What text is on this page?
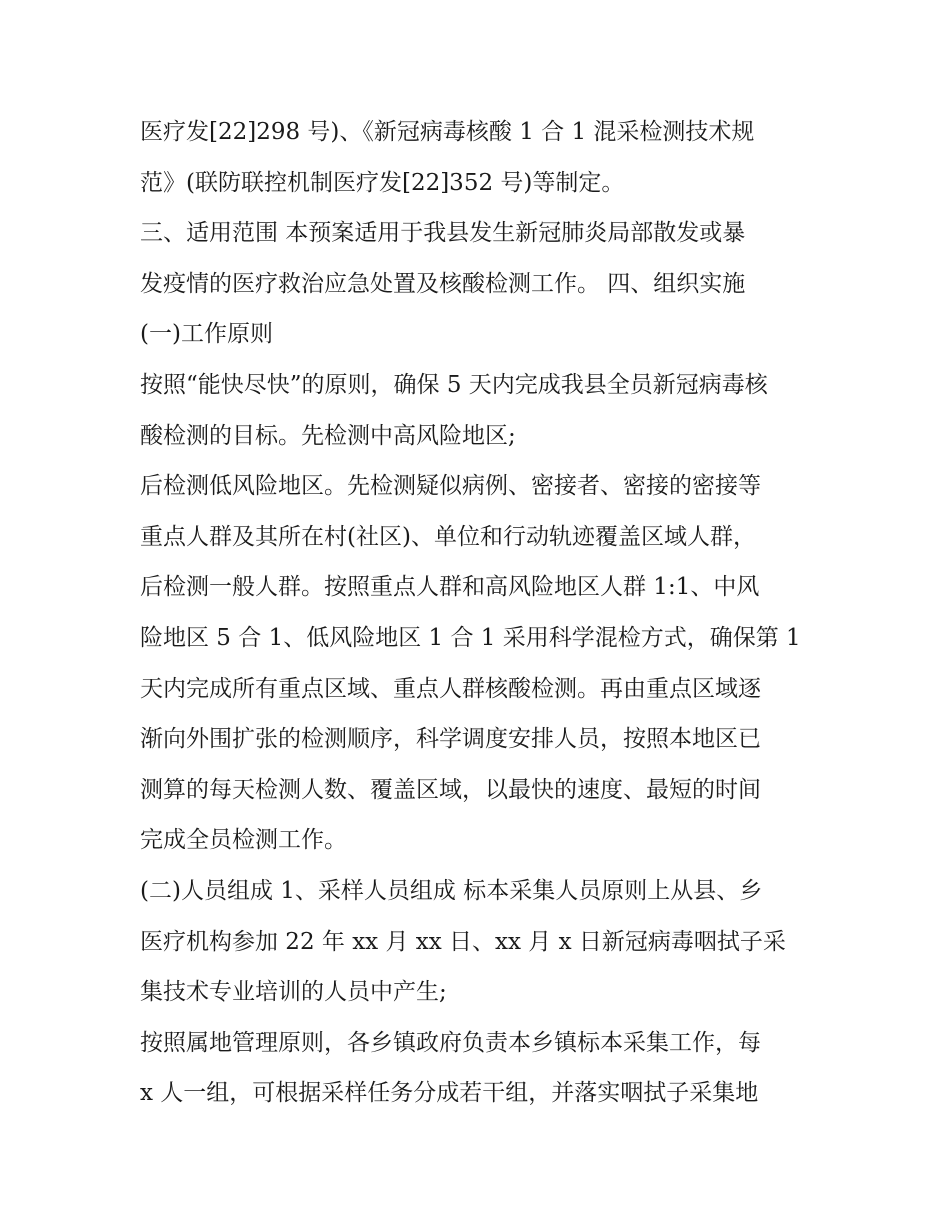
医疗发[22]298 号)、《新冠病毒核酸 1 合 1 混采检测技术规
范》(联防联控机制医疗发[22]352 号)等制定。
三、适用范围 本预案适用于我县发生新冠肺炎局部散发或暴
发疫情的医疗救治应急处置及核酸检测工作。 四、组织实施
(一)工作原则
按照“能快尽快”的原则，确保 5 天内完成我县全员新冠病毒核
酸检测的目标。先检测中高风险地区;
后检测低风险地区。先检测疑似病例、密接者、密接的密接等
重点人群及其所在村(社区)、单位和行动轨迹覆盖区域人群，
后检测一般人群。按照重点人群和高风险地区人群 1:1、中风
险地区 5 合 1、低风险地区 1 合 1 采用科学混检方式，确保第 1
天内完成所有重点区域、重点人群核酸检测。再由重点区域逐
渐向外围扩张的检测顺序，科学调度安排人员，按照本地区已
测算的每天检测人数、覆盖区域，以最快的速度、最短的时间
完成全员检测工作。
(二)人员组成 1、采样人员组成 标本采集人员原则上从县、乡
医疗机构参加 22 年 xx 月 xx 日、xx 月 x 日新冠病毒咽拭子采
集技术专业培训的人员中产生;
按照属地管理原则，各乡镇政府负责本乡镇标本采集工作，每
x 人一组，可根据采样任务分成若干组，并落实咽拭子采集地
